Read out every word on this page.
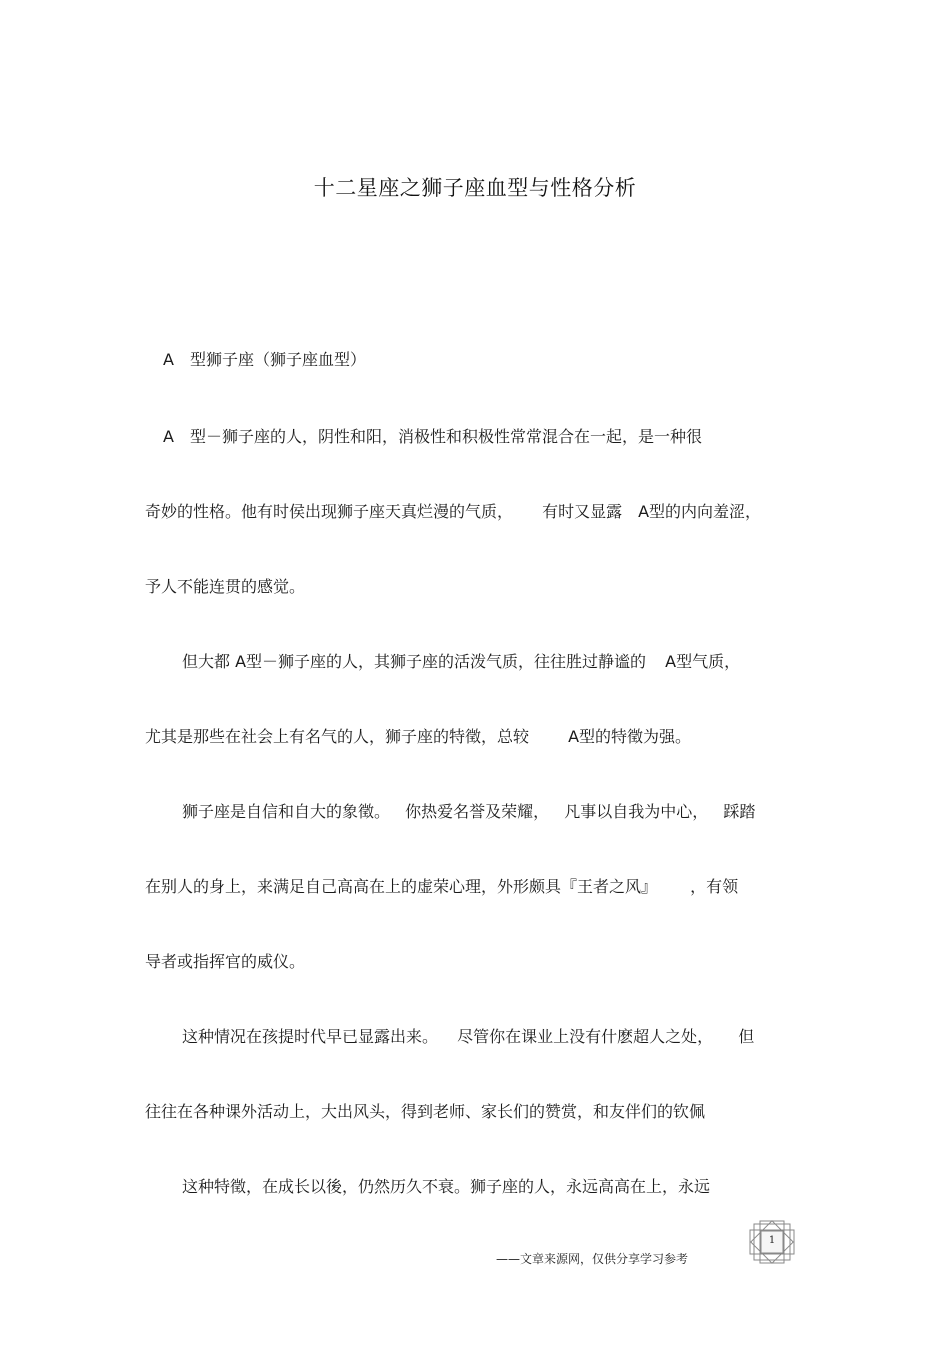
十二星座之狮子座血型与性格分析
A　型狮子座（狮子座血型）
A　型－狮子座的人，阴性和阳，消极性和积极性常常混合在一起，是一种很
奇妙的性格。他有时侯出现狮子座天真烂漫的气质， 有时又显露　A型的内向羞涩，
予人不能连贯的感觉。
但大都 A型－狮子座的人，其狮子座的活泼气质，往往胜过静谧的 A型气质，
尤其是那些在社会上有名气的人，狮子座的特徵，总较 A型的特徵为强。
狮子座是自信和自大的象徵。 你热爱名誉及荣耀， 凡事以自我为中心， 踩踏
在别人的身上，来满足自己高高在上的虚荣心理，外形颇具『王者之风』 ，有领
导者或指挥官的威仪。
这种情况在孩提时代早已显露出来。 尽管你在课业上没有什麽超人之处， 但
往往在各种课外活动上，大出风头，得到老师、家长们的赞赏，和友伴们的钦佩
这种特徵，在成长以後，仍然历久不衰。狮子座的人，永远高高在上，永远
1
——文章来源网，仅供分享学习参考
